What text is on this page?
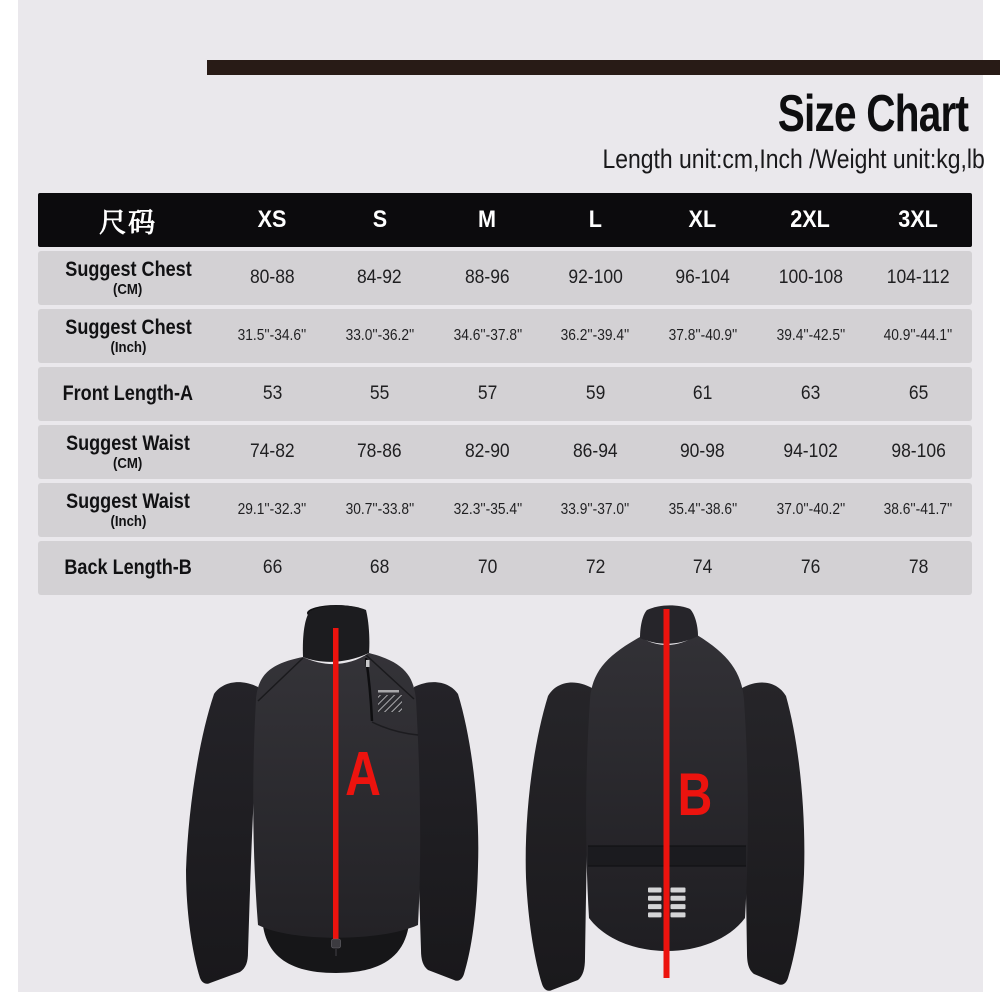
Size Chart
Length unit:cm,Inch /Weight unit:kg,lb
尺码	XS	S	M	L	XL	2XL	3XL
Suggest Chest
(CM)
80-88	84-92	88-96	92-100	96-104	100-108 104-112
Suggest Chest
(Inch)
31.5''-34.6'' 33.0''-36.2'' 34.6''-37.8'' 36.2''-39.4'' 37.8''-40.9'' 39.4''-42.5'' 40.9''-44.1''
Front Length-A	53	55	57	59	61	63	65
Suggest Waist
(CM)
74-82	78-86	82-90	86-94	90-98	94-102	98-106
Suggest Waist
(Inch)
29.1''-32.3'' 30.7''-33.8'' 32.3''-35.4'' 33.9''-37.0'' 35.4''-38.6'' 37.0''-40.2'' 38.6''-41.7''
Back Length-B	66	68	70	72	74	76	78
A	B
